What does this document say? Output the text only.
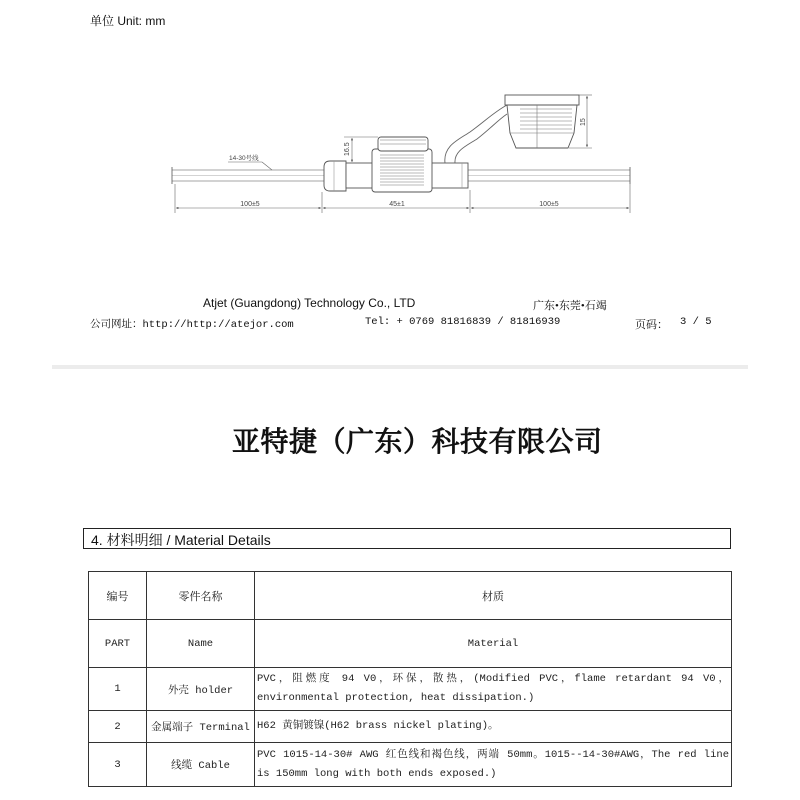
单位 Unit: mm
16.5
15
14-30号线
100±5	45±1	100±5
Atjet (Guangdong) Technology Co., LTD	广东•东莞•石竭
公司网址：http://http://atejor.com	Tel: + 0769 81816839 / 81816939	页码： 3 / 5
亚特捷（广东）科技有限公司
4. 材料明细 / Material Details
编号	零件名称	材质
PART	Name	Material
1	外壳 holder	PVC，阻燃度 94 V0，环保，散热，(Modified PVC，flame retardant 94 V0，environmental protection, heat dissipation.)
2	金属端子 Terminal	H62 黄铜镀镍(H62 brass nickel plating)。
3	线缆 Cable	PVC 1015-14-30# AWG 红色线和褐色线，两端 50mm。1015--14-30#AWG，The red line is 150mm long with both ends exposed.)
